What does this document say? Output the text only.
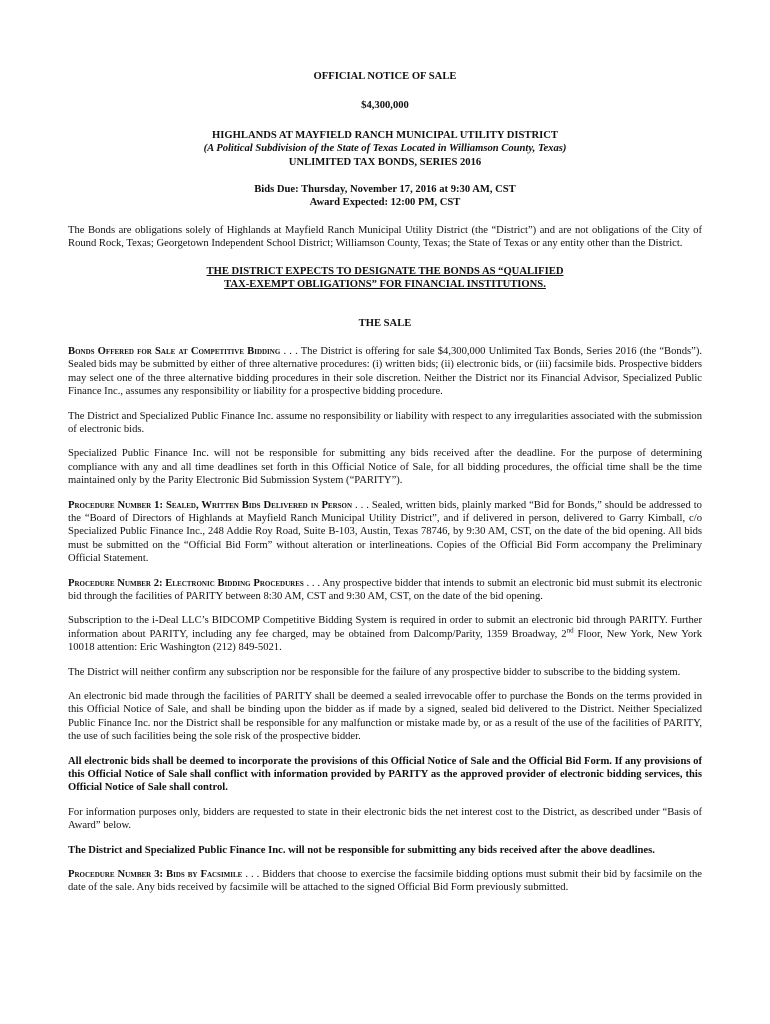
OFFICIAL NOTICE OF SALE
$4,300,000
HIGHLANDS AT MAYFIELD RANCH MUNICIPAL UTILITY DISTRICT
(A Political Subdivision of the State of Texas Located in Williamson County, Texas)
UNLIMITED TAX BONDS, SERIES 2016
Bids Due: Thursday, November 17, 2016 at 9:30 AM, CST
Award Expected: 12:00 PM, CST

The Bonds are obligations solely of Highlands at Mayfield Ranch Municipal Utility District (the “District”) and are not obligations of the City of Round Rock, Texas; Georgetown Independent School District; Williamson County, Texas; the State of Texas or any entity other than the District.

THE DISTRICT EXPECTS TO DESIGNATE THE BONDS AS “QUALIFIED
TAX-EXEMPT OBLIGATIONS” FOR FINANCIAL INSTITUTIONS.
THE SALE

Bonds Offered for Sale at Competitive Bidding . . . The District is offering for sale $4,300,000 Unlimited Tax Bonds, Series 2016 (the “Bonds”). Sealed bids may be submitted by either of three alternative procedures: (i) written bids; (ii) electronic bids, or (iii) facsimile bids. Prospective bidders may select one of the three alternative bidding procedures in their sole discretion. Neither the District nor its Financial Advisor, Specialized Public Finance Inc., assumes any responsibility or liability for a prospective bidding procedure.

The District and Specialized Public Finance Inc. assume no responsibility or liability with respect to any irregularities associated with the submission of electronic bids.

Specialized Public Finance Inc. will not be responsible for submitting any bids received after the deadline. For the purpose of determining compliance with any and all time deadlines set forth in this Official Notice of Sale, for all bidding procedures, the official time shall be the time maintained only by the Parity Electronic Bid Submission System (“PARITY”).

Procedure Number 1: Sealed, Written Bids Delivered in Person . . . Sealed, written bids, plainly marked “Bid for Bonds,” should be addressed to the “Board of Directors of Highlands at Mayfield Ranch Municipal Utility District”, and if delivered in person, delivered to Garry Kimball, c/o Specialized Public Finance Inc., 248 Addie Roy Road, Suite B-103, Austin, Texas 78746, by 9:30 AM, CST, on the date of the bid opening. All bids must be submitted on the “Official Bid Form” without alteration or interlineations. Copies of the Official Bid Form accompany the Preliminary Official Statement.

Procedure Number 2: Electronic Bidding Procedures . . . Any prospective bidder that intends to submit an electronic bid must submit its electronic bid through the facilities of PARITY between 8:30 AM, CST and 9:30 AM, CST, on the date of the bid opening.

Subscription to the i-Deal LLC’s BIDCOMP Competitive Bidding System is required in order to submit an electronic bid through PARITY. Further information about PARITY, including any fee charged, may be obtained from Dalcomp/Parity, 1359 Broadway, 2nd Floor, New York, New York 10018 attention: Eric Washington (212) 849-5021.

The District will neither confirm any subscription nor be responsible for the failure of any prospective bidder to subscribe to the bidding system.

An electronic bid made through the facilities of PARITY shall be deemed a sealed irrevocable offer to purchase the Bonds on the terms provided in this Official Notice of Sale, and shall be binding upon the bidder as if made by a signed, sealed bid delivered to the District. Neither Specialized Public Finance Inc. nor the District shall be responsible for any malfunction or mistake made by, or as a result of the use of the facilities of PARITY, the use of such facilities being the sole risk of the prospective bidder.

All electronic bids shall be deemed to incorporate the provisions of this Official Notice of Sale and the Official Bid Form. If any provisions of this Official Notice of Sale shall conflict with information provided by PARITY as the approved provider of electronic bidding services, this Official Notice of Sale shall control.

For information purposes only, bidders are requested to state in their electronic bids the net interest cost to the District, as described under “Basis of Award” below.

The District and Specialized Public Finance Inc. will not be responsible for submitting any bids received after the above deadlines.

Procedure Number 3: Bids by Facsimile . . . Bidders that choose to exercise the facsimile bidding options must submit their bid by facsimile on the date of the sale. Any bids received by facsimile will be attached to the signed Official Bid Form previously submitted.
